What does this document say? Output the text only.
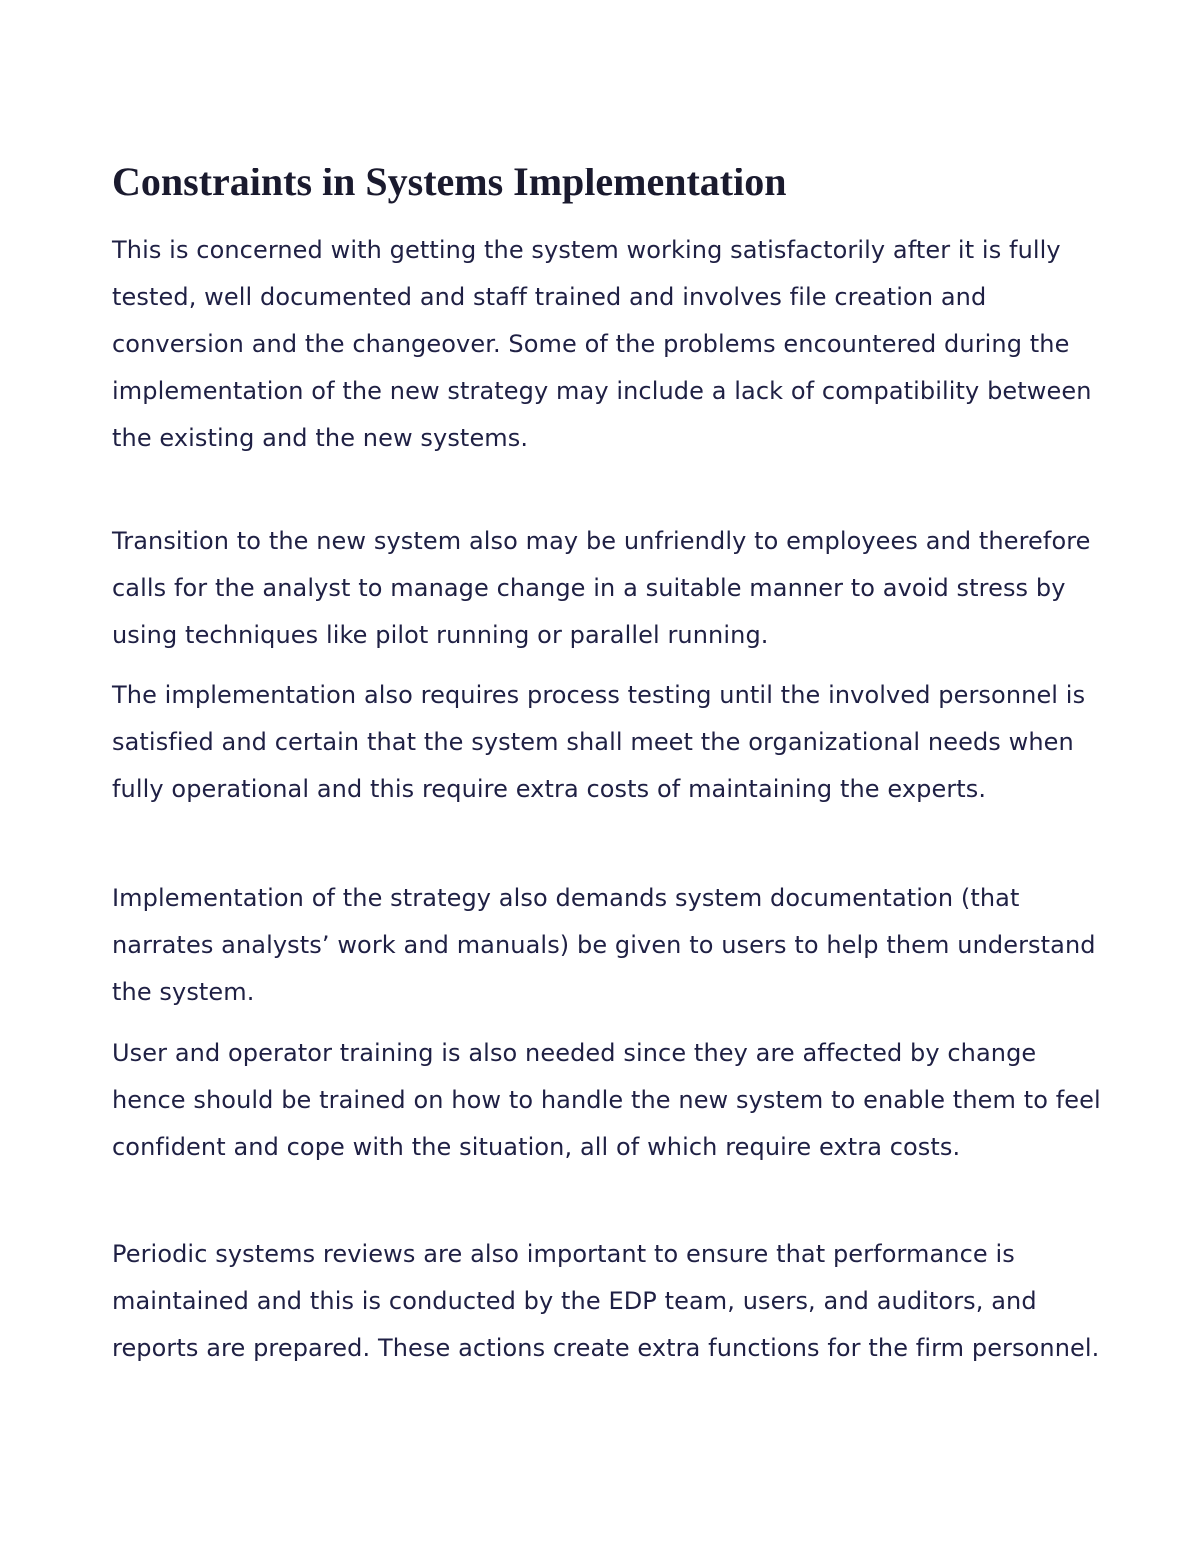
Constraints in Systems Implementation

This is concerned with getting the system working satisfactorily after it is fully tested, well documented and staff trained and involves file creation and conversion and the changeover. Some of the problems encountered during the implementation of the new strategy may include a lack of compatibility between the existing and the new systems.

Transition to the new system also may be unfriendly to employees and therefore calls for the analyst to manage change in a suitable manner to avoid stress by using techniques like pilot running or parallel running.

The implementation also requires process testing until the involved personnel is satisfied and certain that the system shall meet the organizational needs when fully operational and this require extra costs of maintaining the experts.

Implementation of the strategy also demands system documentation (that narrates analysts’ work and manuals) be given to users to help them understand the system.

User and operator training is also needed since they are affected by change hence should be trained on how to handle the new system to enable them to feel confident and cope with the situation, all of which require extra costs.

Periodic systems reviews are also important to ensure that performance is maintained and this is conducted by the EDP team, users, and auditors, and reports are prepared. These actions create extra functions for the firm personnel.
